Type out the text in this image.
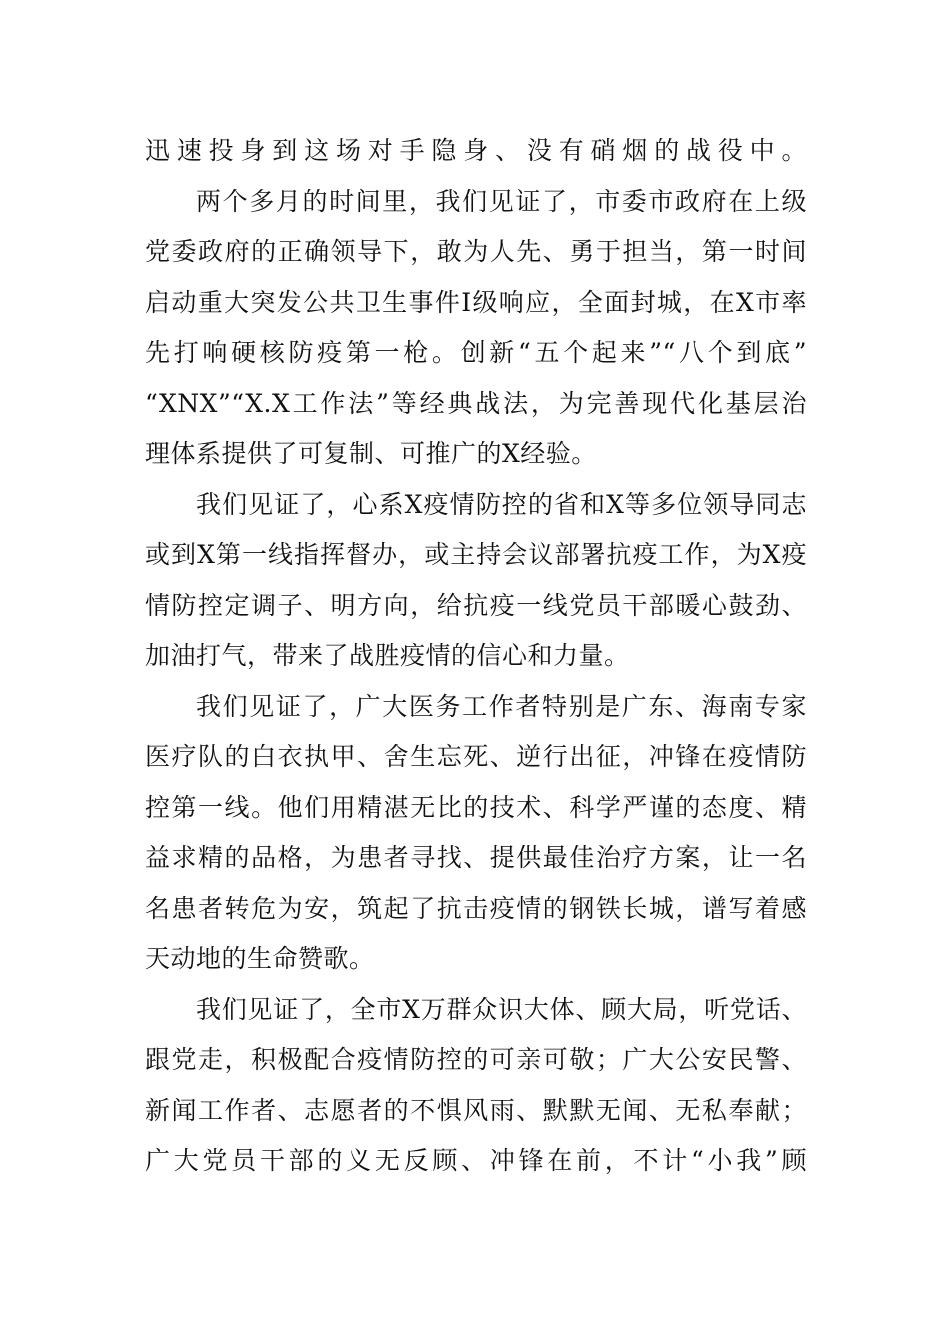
迅速投身到这场对手隐身、没有硝烟的战役中。
两个多月的时间里，我们见证了，市委市政府在上级
党委政府的正确领导下，敢为人先、勇于担当，第一时间
启动重大突发公共卫生事件Ⅰ级响应，全面封城，在X市率
先打响硬核防疫第一枪。创新“五个起来”“八个到底”
“XNX”“X.X工作法”等经典战法，为完善现代化基层治
理体系提供了可复制、可推广的X经验。
我们见证了，心系X疫情防控的省和X等多位领导同志
或到X第一线指挥督办，或主持会议部署抗疫工作，为X疫
情防控定调子、明方向，给抗疫一线党员干部暖心鼓劲、
加油打气，带来了战胜疫情的信心和力量。
我们见证了，广大医务工作者特别是广东、海南专家
医疗队的白衣执甲、舍生忘死、逆行出征，冲锋在疫情防
控第一线。他们用精湛无比的技术、科学严谨的态度、精
益求精的品格，为患者寻找、提供最佳治疗方案，让一名
名患者转危为安，筑起了抗击疫情的钢铁长城，谱写着感
天动地的生命赞歌。
我们见证了，全市X万群众识大体、顾大局，听党话、
跟党走，积极配合疫情防控的可亲可敬；广大公安民警、
新闻工作者、志愿者的不惧风雨、默默无闻、无私奉献；
广大党员干部的义无反顾、冲锋在前，不计“小我”顾
